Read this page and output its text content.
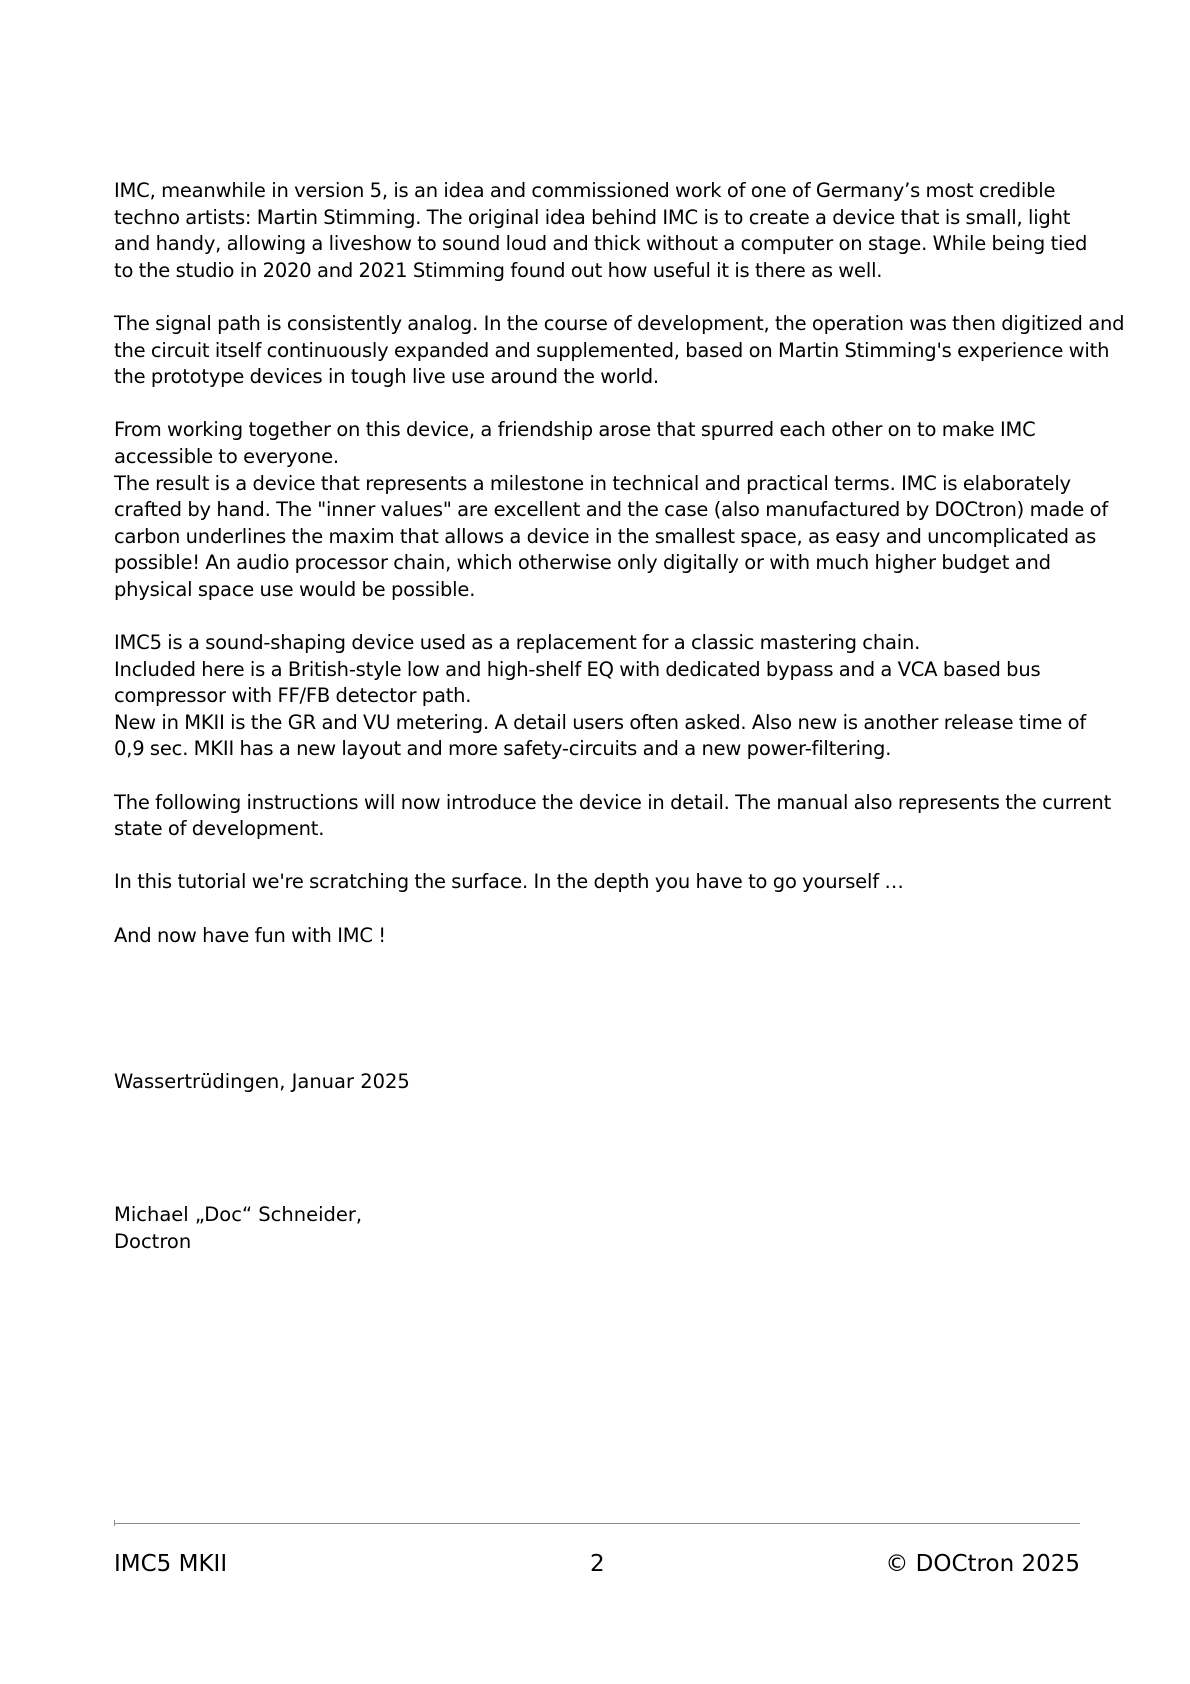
IMC, meanwhile in version 5, is an idea and commissioned work of one of Germany’s most credible
techno artists: Martin Stimming. The original idea behind IMC is to create a device that is small, light
and handy, allowing a liveshow to sound loud and thick without a computer on stage. While being tied
to the studio in 2020 and 2021 Stimming found out how useful it is there as well.

The signal path is consistently analog. In the course of development, the operation was then digitized and
the circuit itself continuously expanded and supplemented, based on Martin Stimming's experience with
the prototype devices in tough live use around the world.

From working together on this device, a friendship arose that spurred each other on to make IMC
accessible to everyone.
The result is a device that represents a milestone in technical and practical terms. IMC is elaborately
crafted by hand. The "inner values" are excellent and the case (also manufactured by DOCtron) made of
carbon underlines the maxim that allows a device in the smallest space, as easy and uncomplicated as
possible! An audio processor chain, which otherwise only digitally or with much higher budget and
physical space use would be possible.

IMC5 is a sound-shaping device used as a replacement for a classic mastering chain.
Included here is a British-style low and high-shelf EQ with dedicated bypass and a VCA based bus
compressor with FF/FB detector path.
New in MKII is the GR and VU metering. A detail users often asked. Also new is another release time of
0,9 sec. MKII has a new layout and more safety-circuits and a new power-filtering.

The following instructions will now introduce the device in detail. The manual also represents the current
state of development.

In this tutorial we're scratching the surface. In the depth you have to go yourself …

And now have fun with IMC !

Wassertrüdingen, Januar 2025
Michael „Doc“ Schneider,
Doctron
IMC5 MKII	2	© DOCtron 2025
